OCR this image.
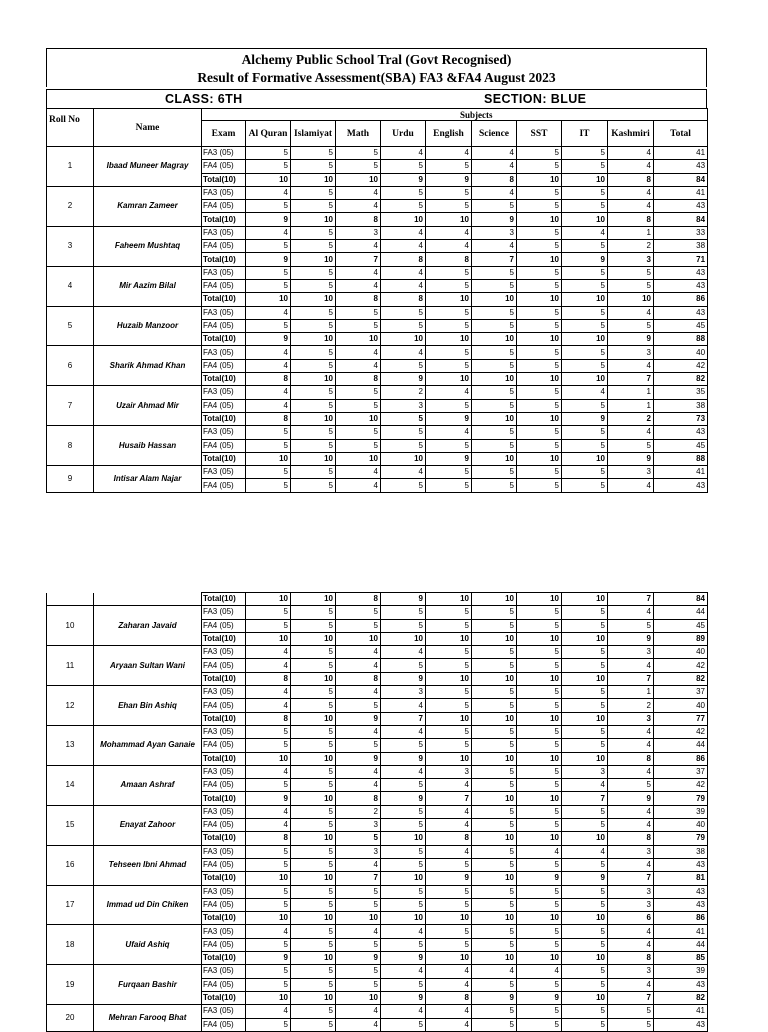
Alchemy Public School Tral (Govt Recognised)
Result of Formative Assessment(SBA) FA3 &FA4 August 2023
CLASS: 6TH	SECTION: BLUE
Roll No	Name		Subjects									
		Exam	Al Quran	Islamiyat	Math	Urdu	English	Science	SST	IT	Kashmiri	Total
1	Ibaad Muneer Magray	FA3 (05)	5	5	5	4	4	4	5	5	4	41
		FA4 (05)	5	5	5	5	5	4	5	5	4	43
		Total(10)	10	10	10	9	9	8	10	10	8	84
2	Kamran Zameer	FA3 (05)	4	5	4	5	5	4	5	5	4	41
		FA4 (05)	5	5	4	5	5	5	5	5	4	43
		Total(10)	9	10	8	10	10	9	10	10	8	84
3	Faheem Mushtaq	FA3 (05)	4	5	3	4	4	3	5	4	1	33
		FA4 (05)	5	5	4	4	4	4	5	5	2	38
		Total(10)	9	10	7	8	8	7	10	9	3	71
4	Mir Aazim Bilal	FA3 (05)	5	5	4	4	5	5	5	5	5	43
		FA4 (05)	5	5	4	4	5	5	5	5	5	43
		Total(10)	10	10	8	8	10	10	10	10	10	86
5	Huzaib Manzoor	FA3 (05)	4	5	5	5	5	5	5	5	4	43
		FA4 (05)	5	5	5	5	5	5	5	5	5	45
		Total(10)	9	10	10	10	10	10	10	10	9	88
6	Sharik Ahmad Khan	FA3 (05)	4	5	4	4	5	5	5	5	3	40
		FA4 (05)	4	5	4	5	5	5	5	5	4	42
		Total(10)	8	10	8	9	10	10	10	10	7	82
7	Uzair Ahmad Mir	FA3 (05)	4	5	5	2	4	5	5	4	1	35
		FA4 (05)	4	5	5	3	5	5	5	5	1	38
		Total(10)	8	10	10	5	9	10	10	9	2	73
8	Husaib Hassan	FA3 (05)	5	5	5	5	4	5	5	5	4	43
		FA4 (05)	5	5	5	5	5	5	5	5	5	45
		Total(10)	10	10	10	10	9	10	10	10	9	88
9	Intisar Alam Najar	FA3 (05)	5	5	4	4	5	5	5	5	3	41
		FA4 (05)	5	5	4	5	5	5	5	5	4	43
		Total(10)	10	10	8	9	10	10	10	10	7	84
10	Zaharan Javaid	FA3 (05)	5	5	5	5	5	5	5	5	4	44
		FA4 (05)	5	5	5	5	5	5	5	5	5	45
		Total(10)	10	10	10	10	10	10	10	10	9	89
11	Aryaan Sultan Wani	FA3 (05)	4	5	4	4	5	5	5	5	3	40
		FA4 (05)	4	5	4	5	5	5	5	5	4	42
		Total(10)	8	10	8	9	10	10	10	10	7	82
12	Ehan Bin Ashiq	FA3 (05)	4	5	4	3	5	5	5	5	1	37
		FA4 (05)	4	5	5	4	5	5	5	5	2	40
		Total(10)	8	10	9	7	10	10	10	10	3	77
13	Mohammad Ayan Ganaie	FA3 (05)	5	5	4	4	5	5	5	5	4	42
		FA4 (05)	5	5	5	5	5	5	5	5	4	44
		Total(10)	10	10	9	9	10	10	10	10	8	86
14	Amaan Ashraf	FA3 (05)	4	5	4	4	3	5	5	3	4	37
		FA4 (05)	5	5	4	5	4	5	5	4	5	42
		Total(10)	9	10	8	9	7	10	10	7	9	79
15	Enayat Zahoor	FA3 (05)	4	5	2	5	4	5	5	5	4	39
		FA4 (05)	4	5	3	5	4	5	5	5	4	40
		Total(10)	8	10	5	10	8	10	10	10	8	79
16	Tehseen Ibni Ahmad	FA3 (05)	5	5	3	5	4	5	4	4	3	38
		FA4 (05)	5	5	4	5	5	5	5	5	4	43
		Total(10)	10	10	7	10	9	10	9	9	7	81
17	Immad ud Din Chiken	FA3 (05)	5	5	5	5	5	5	5	5	3	43
		FA4 (05)	5	5	5	5	5	5	5	5	3	43
		Total(10)	10	10	10	10	10	10	10	10	6	86
18	Ufaid Ashiq	FA3 (05)	4	5	4	4	5	5	5	5	4	41
		FA4 (05)	5	5	5	5	5	5	5	5	4	44
		Total(10)	9	10	9	9	10	10	10	10	8	85
19	Furqaan Bashir	FA3 (05)	5	5	5	4	4	4	4	5	3	39
		FA4 (05)	5	5	5	5	4	5	5	5	4	43
		Total(10)	10	10	10	9	8	9	9	10	7	82
20	Mehran Farooq Bhat	FA3 (05)	4	5	4	4	4	5	5	5	5	41
		FA4 (05)	5	5	4	5	4	5	5	5	5	43
